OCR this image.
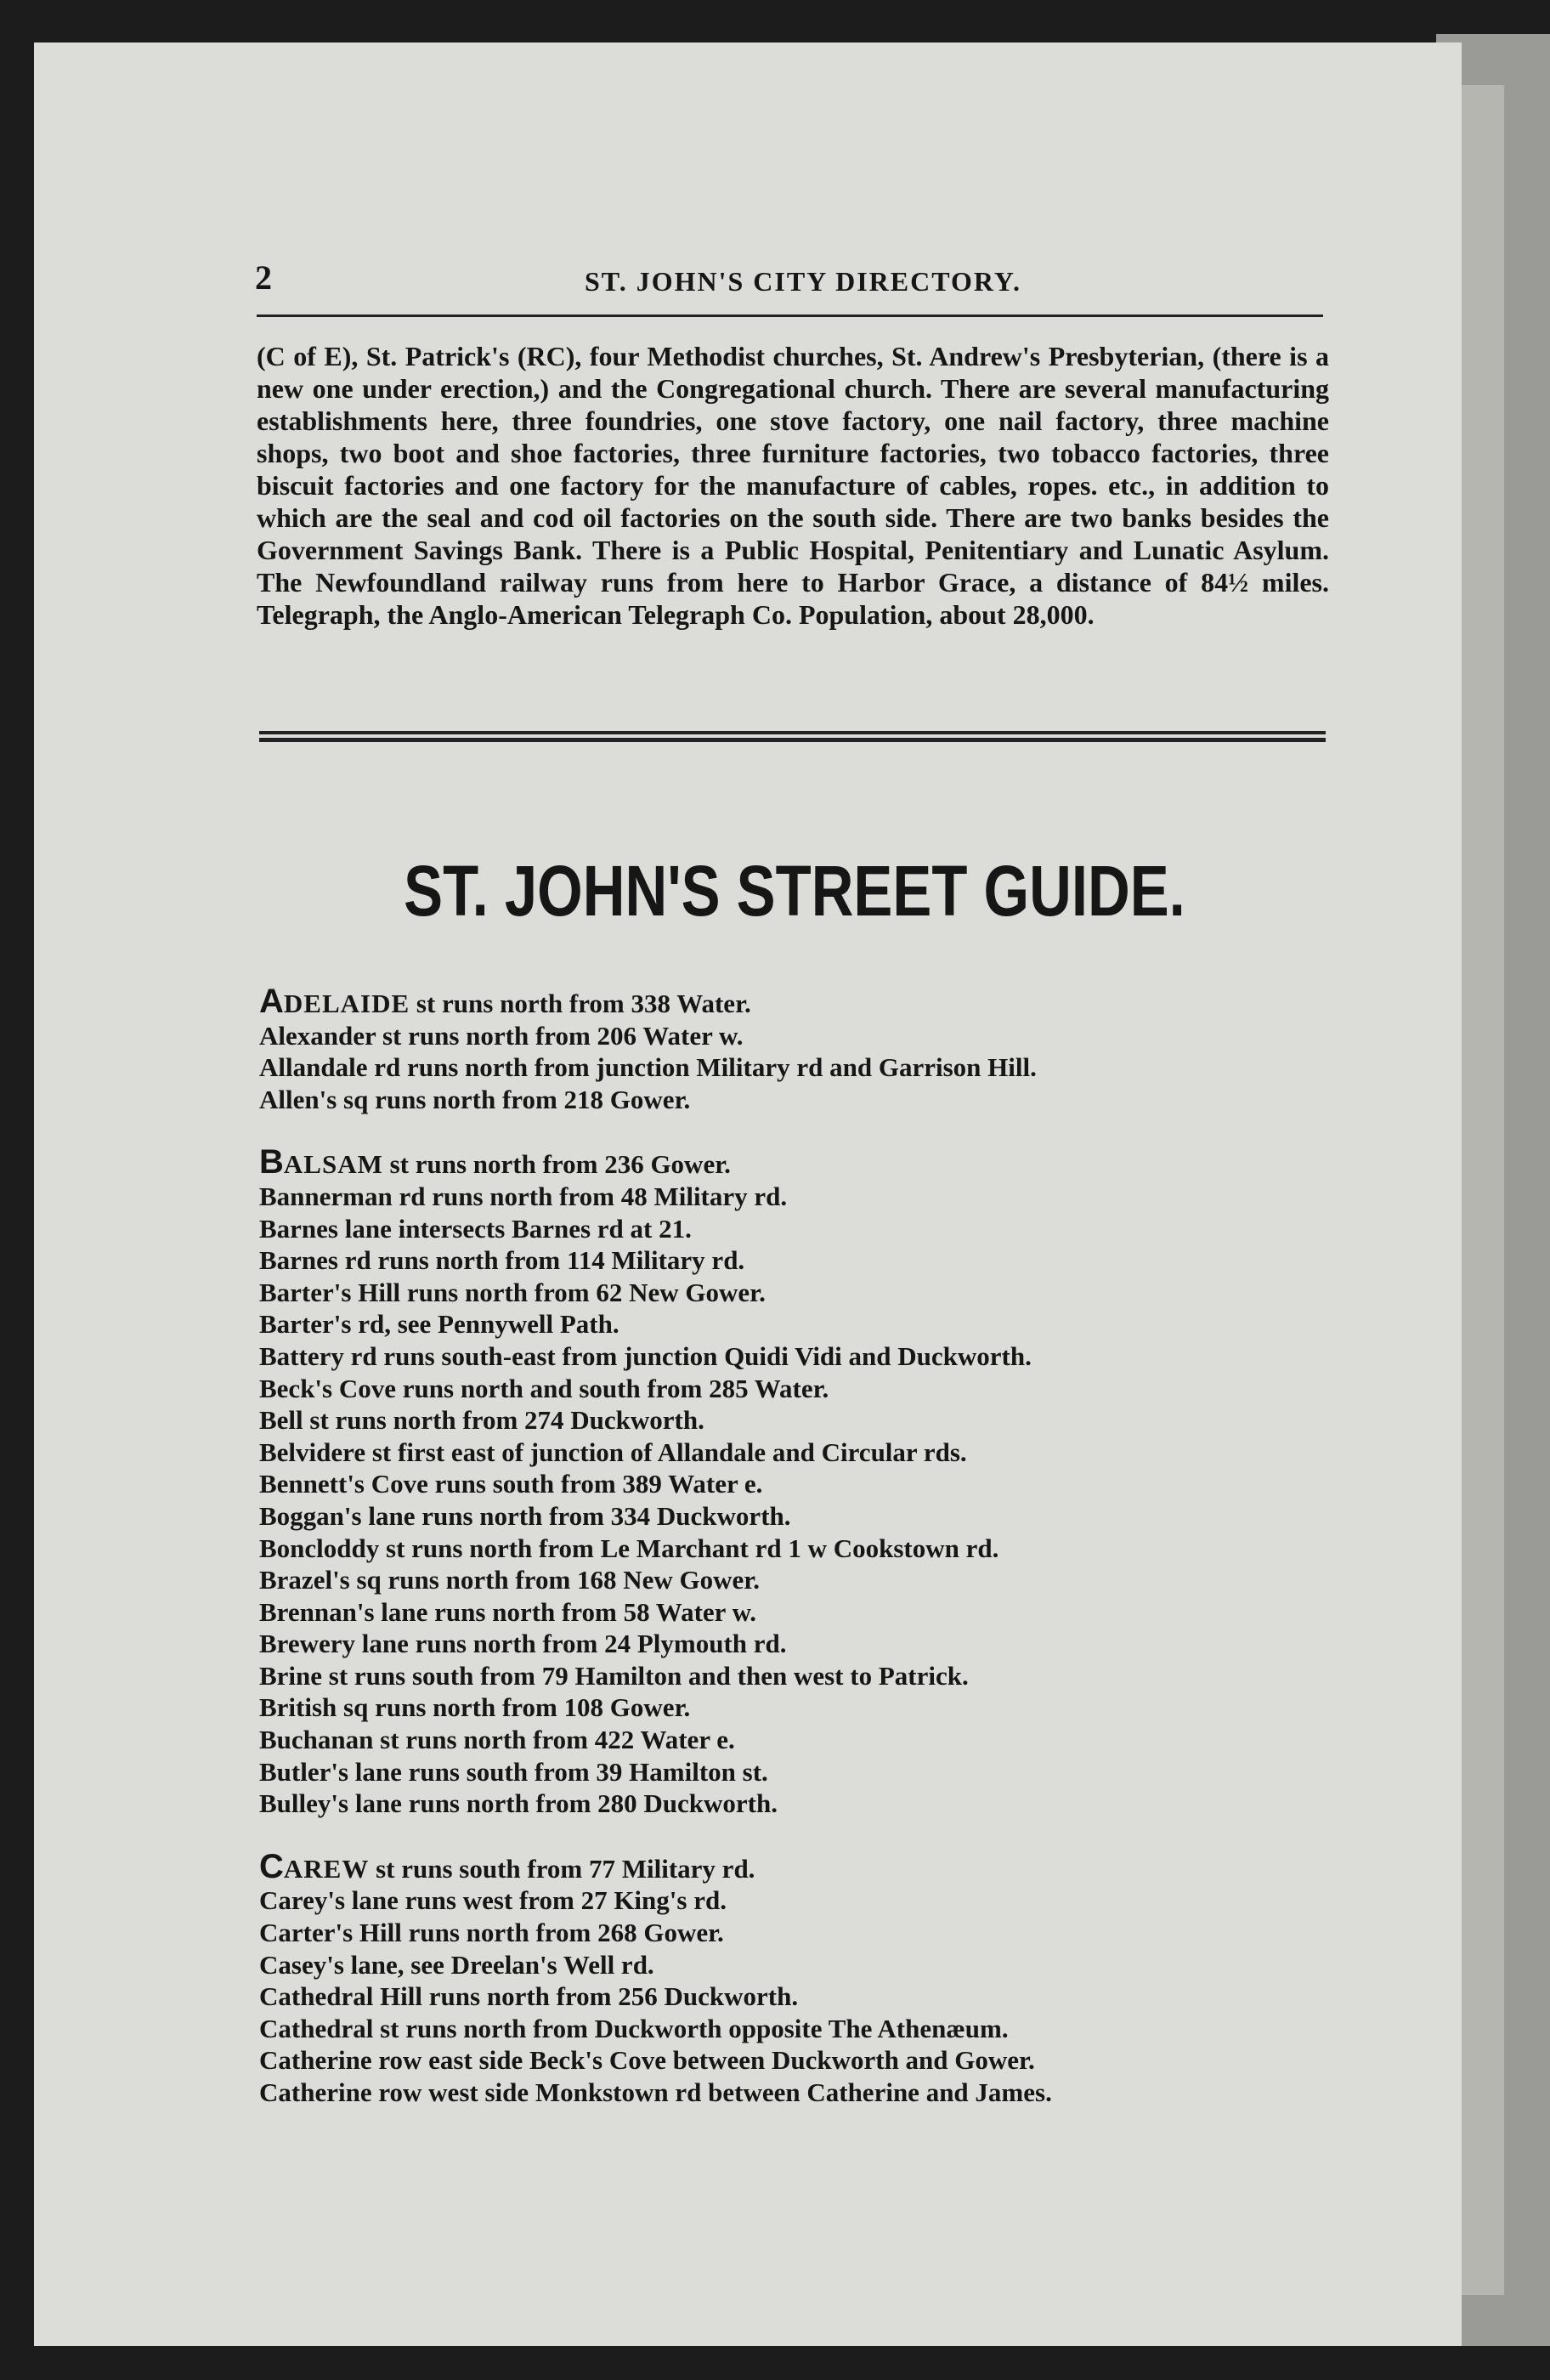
2	ST. JOHN'S CITY DIRECTORY.
(C of E), St. Patrick's (RC), four Methodist churches, St. Andrew's Presbyterian, (there is a new one under erection,) and the Congregational church. There are several manufacturing establishments here, three foundries, one stove factory, one nail factory, three machine shops, two boot and shoe factories, three furniture factories, two tobacco factories, three biscuit factories and one factory for the manufacture of cables, ropes. etc., in addition to which are the seal and cod oil factories on the south side. There are two banks besides the Government Savings Bank. There is a Public Hospital, Penitentiary and Lunatic Asylum. The Newfoundland railway runs from here to Harbor Grace, a distance of 84½ miles. Telegraph, the Anglo-American Telegraph Co. Population, about 28,000.
ST. JOHN'S STREET GUIDE.
ADELAIDE st runs north from 338 Water.
Alexander st runs north from 206 Water w.
Allandale rd runs north from junction Military rd and Garrison Hill.
Allen's sq runs north from 218 Gower.
BALSAM st runs north from 236 Gower.
Bannerman rd runs north from 48 Military rd.
Barnes lane intersects Barnes rd at 21.
Barnes rd runs north from 114 Military rd.
Barter's Hill runs north from 62 New Gower.
Barter's rd, see Pennywell Path.
Battery rd runs south-east from junction Quidi Vidi and Duckworth.
Beck's Cove runs north and south from 285 Water.
Bell st runs north from 274 Duckworth.
Belvidere st first east of junction of Allandale and Circular rds.
Bennett's Cove runs south from 389 Water e.
Boggan's lane runs north from 334 Duckworth.
Boncloddy st runs north from Le Marchant rd 1 w Cookstown rd.
Brazel's sq runs north from 168 New Gower.
Brennan's lane runs north from 58 Water w.
Brewery lane runs north from 24 Plymouth rd.
Brine st runs south from 79 Hamilton and then west to Patrick.
British sq runs north from 108 Gower.
Buchanan st runs north from 422 Water e.
Butler's lane runs south from 39 Hamilton st.
Bulley's lane runs north from 280 Duckworth.
CAREW st runs south from 77 Military rd.
Carey's lane runs west from 27 King's rd.
Carter's Hill runs north from 268 Gower.
Casey's lane, see Dreelan's Well rd.
Cathedral Hill runs north from 256 Duckworth.
Cathedral st runs north from Duckworth opposite The Athenæum.
Catherine row east side Beck's Cove between Duckworth and Gower.
Catherine row west side Monkstown rd between Catherine and James.
